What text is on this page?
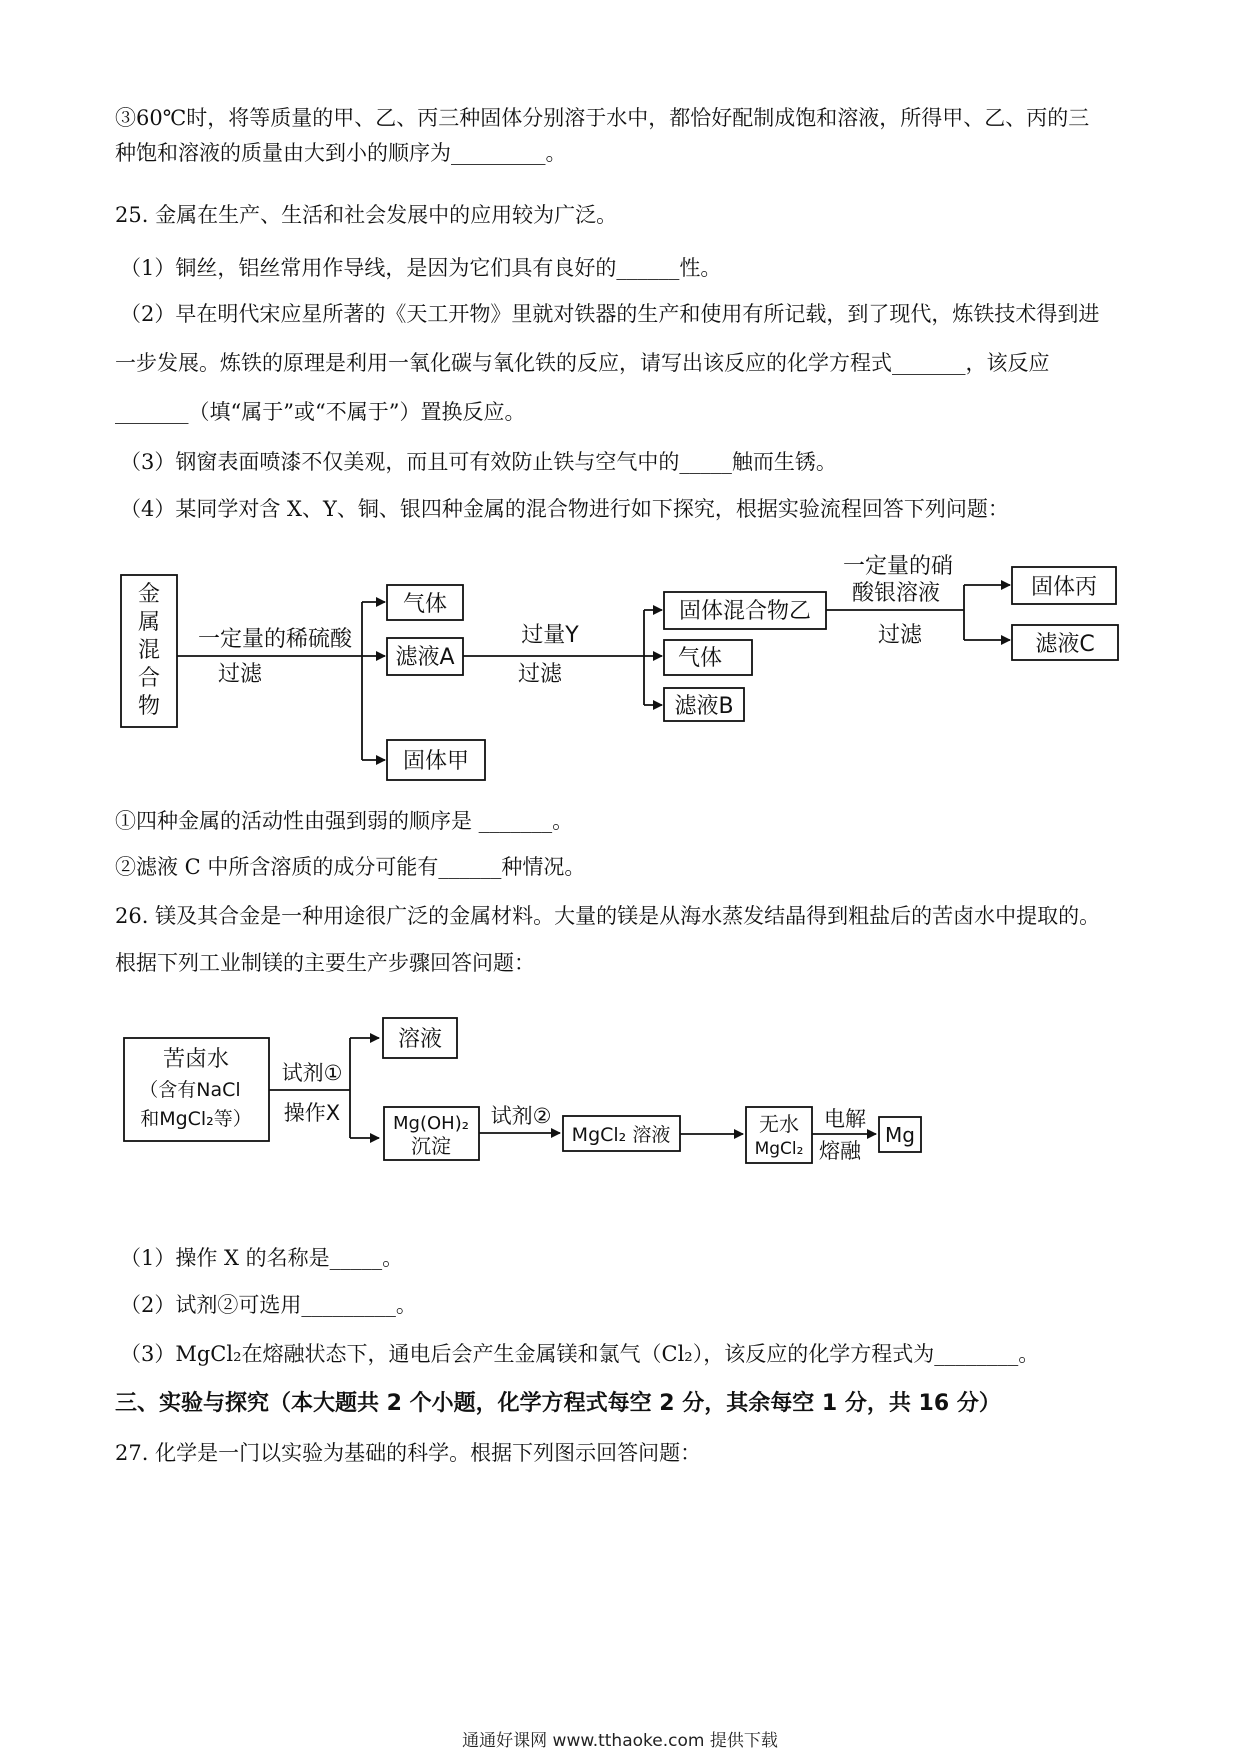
③60℃时，将等质量的甲、乙、丙三种固体分别溶于水中，都恰好配制成饱和溶液，所得甲、乙、丙的三
种饱和溶液的质量由大到小的顺序为_________。
25. 金属在生产、生活和社会发展中的应用较为广泛。
（1）铜丝，铝丝常用作导线，是因为它们具有良好的______性。
（2）早在明代宋应星所著的《天工开物》里就对铁器的生产和使用有所记载，到了现代，炼铁技术得到进
一步发展。炼铁的原理是利用一氧化碳与氧化铁的反应，请写出该反应的化学方程式_______，该反应
_______（填“属于”或“不属于”）置换反应。
（3）钢窗表面喷漆不仅美观，而且可有效防止铁与空气中的_____触而生锈。
（4）某同学对含 X、Y、铜、银四种金属的混合物进行如下探究，根据实验流程回答下列问题：
金
属
混
合
物
一定量的稀硫酸
过滤
气体
滤液A
固体甲
过量Y
过滤
固体混合物乙
气体
滤液B
一定量的硝
酸银溶液
过滤
固体丙
滤液C
苦卤水
（含有NaCl
和MgCl₂等）
试剂①
操作X
溶液
Mg(OH)₂
沉淀
试剂②
MgCl₂ 溶液	无水
MgCl₂
电解
熔融
Mg
①四种金属的活动性由强到弱的顺序是 _______。
②滤液 C 中所含溶质的成分可能有______种情况。
26. 镁及其合金是一种用途很广泛的金属材料。大量的镁是从海水蒸发结晶得到粗盐后的苦卤水中提取的。
根据下列工业制镁的主要生产步骤回答问题：
（1）操作 X 的名称是_____。
（2）试剂②可选用_________。
（3）MgCl₂在熔融状态下，通电后会产生金属镁和氯气（Cl₂），该反应的化学方程式为________。
三、实验与探究（本大题共 2 个小题，化学方程式每空 2 分，其余每空 1 分，共 16 分）
27. 化学是一门以实验为基础的科学。根据下列图示回答问题：
通通好课网 www.tthaoke.com 提供下载
